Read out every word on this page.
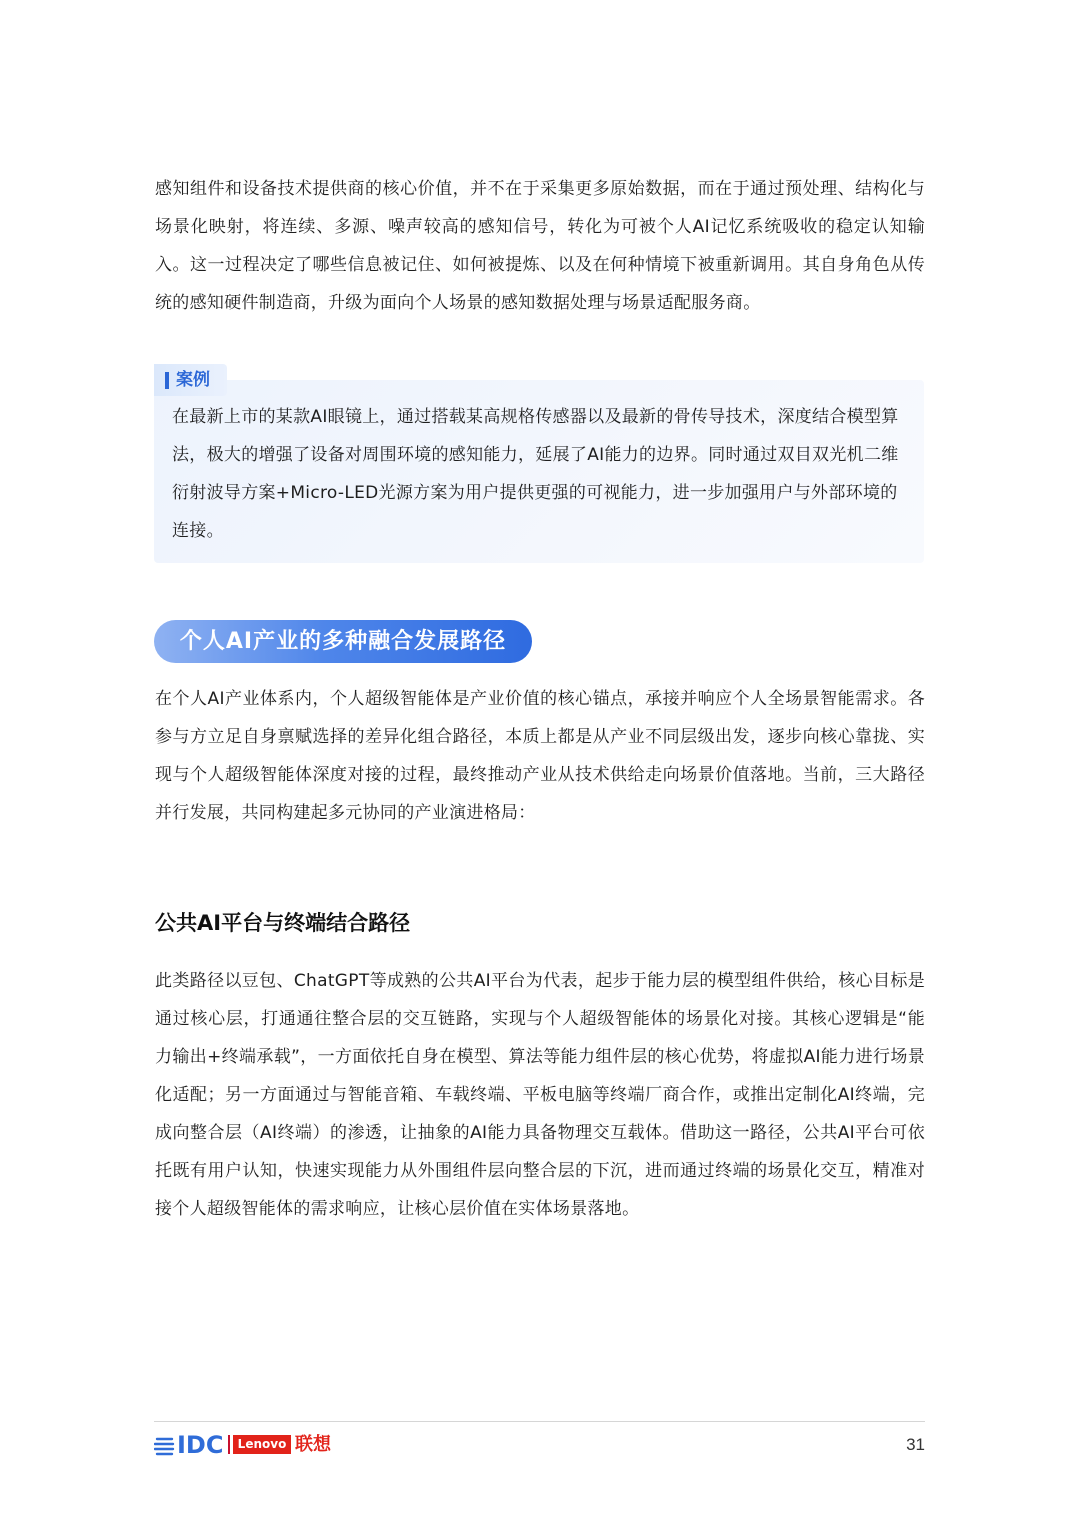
感知组件和设备技术提供商的核心价值，并不在于采集更多原始数据，而在于通过预处理、结构化与场景化映射，将连续、多源、噪声较高的感知信号，转化为可被个人AI记忆系统吸收的稳定认知输入。这一过程决定了哪些信息被记住、如何被提炼、以及在何种情境下被重新调用。其自身角色从传统的感知硬件制造商，升级为面向个人场景的感知数据处理与场景适配服务商。

案例

在最新上市的某款AI眼镜上，通过搭载某高规格传感器以及最新的骨传导技术，深度结合模型算法，极大的增强了设备对周围环境的感知能力，延展了AI能力的边界。同时通过双目双光机二维衍射波导方案+Micro-LED光源方案为用户提供更强的可视能力，进一步加强用户与外部环境的连接。

个人AI产业的多种融合发展路径

在个人AI产业体系内，个人超级智能体是产业价值的核心锚点，承接并响应个人全场景智能需求。各参与方立足自身禀赋选择的差异化组合路径，本质上都是从产业不同层级出发，逐步向核心靠拢、实现与个人超级智能体深度对接的过程，最终推动产业从技术供给走向场景价值落地。当前，三大路径并行发展，共同构建起多元协同的产业演进格局：

公共AI平台与终端结合路径

此类路径以豆包、ChatGPT等成熟的公共AI平台为代表，起步于能力层的模型组件供给，核心目标是通过核心层，打通通往整合层的交互链路，实现与个人超级智能体的场景化对接。其核心逻辑是“能力输出+终端承载”，一方面依托自身在模型、算法等能力组件层的核心优势，将虚拟AI能力进行场景化适配；另一方面通过与智能音箱、车载终端、平板电脑等终端厂商合作，或推出定制化AI终端，完成向整合层（AI终端）的渗透，让抽象的AI能力具备物理交互载体。借助这一路径，公共AI平台可依托既有用户认知，快速实现能力从外围组件层向整合层的下沉，进而通过终端的场景化交互，精准对接个人超级智能体的需求响应，让核心层价值在实体场景落地。

IDC	Lenovo 联想	31
